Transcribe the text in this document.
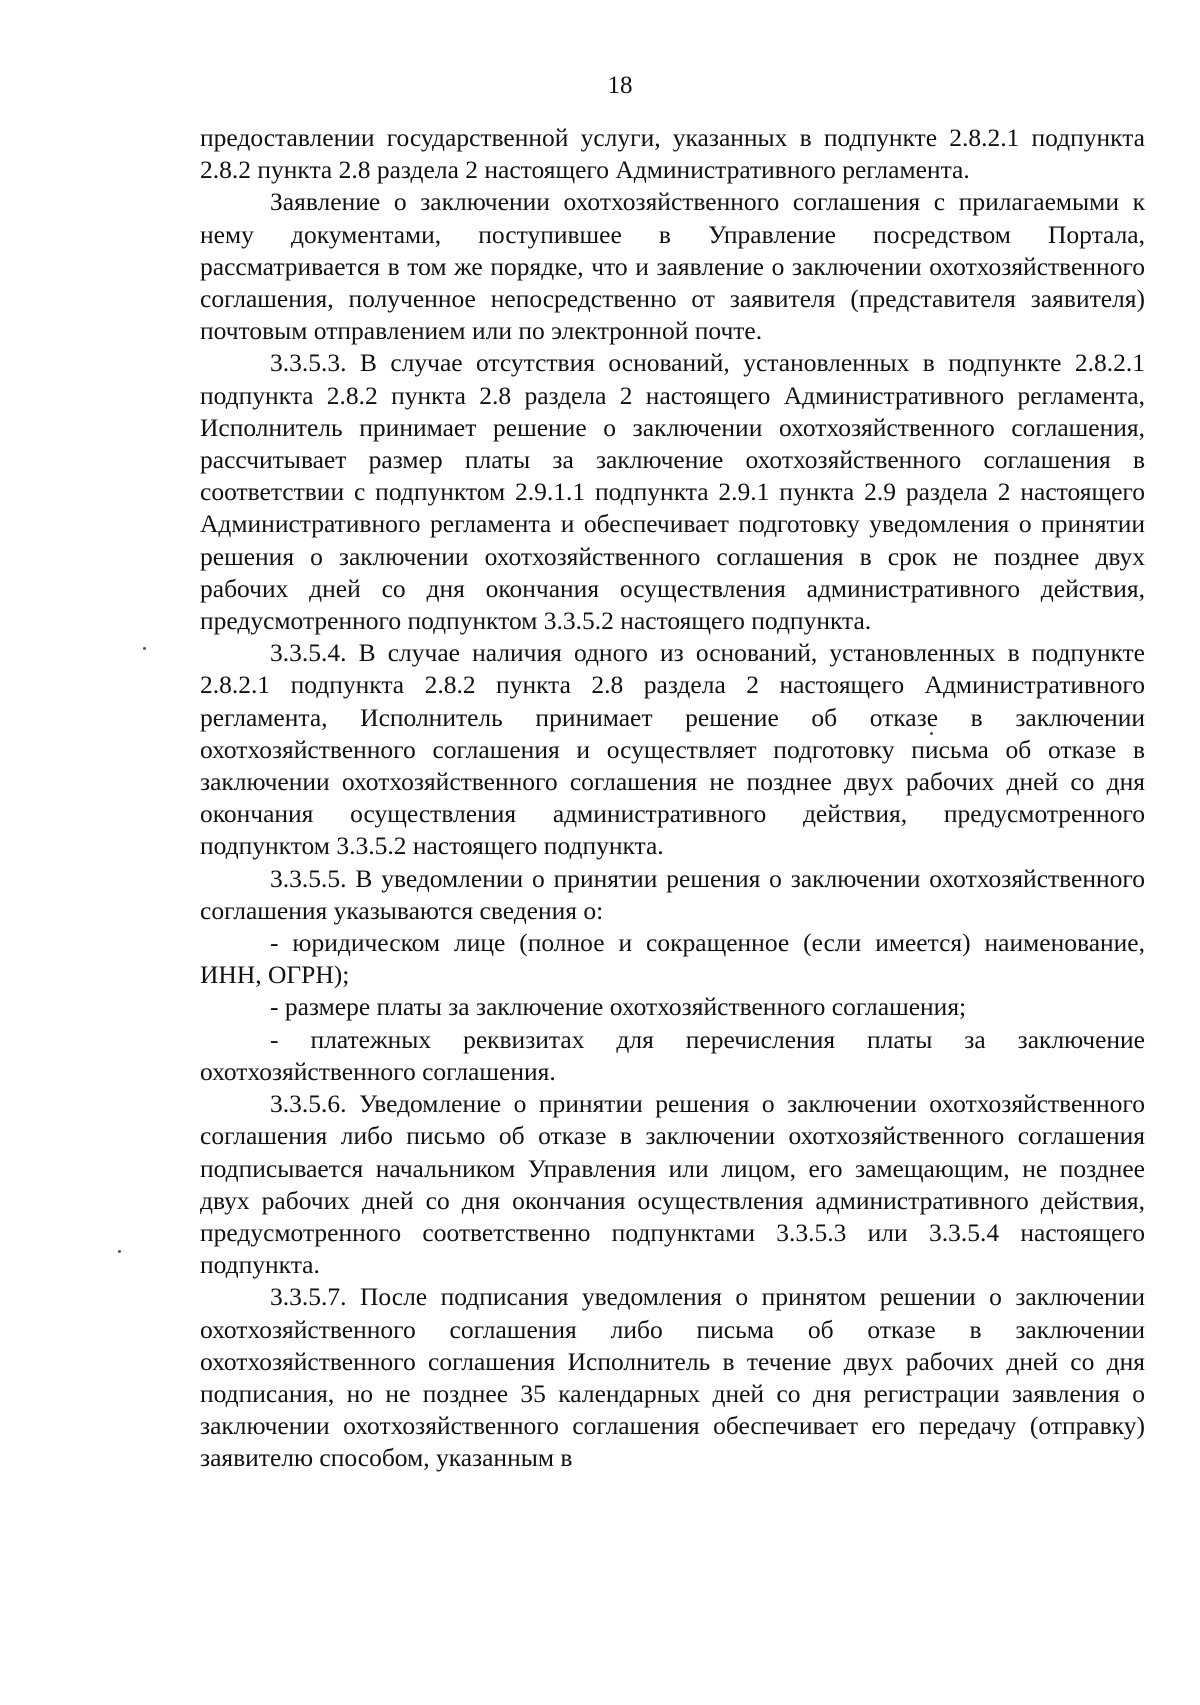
18

предоставлении государственной услуги, указанных в подпункте 2.8.2.1 подпункта 2.8.2 пункта 2.8 раздела 2 настоящего Административного регламента.

Заявление о заключении охотхозяйственного соглашения с прилагаемыми к нему документами, поступившее в Управление посредством Портала, рассматривается в том же порядке, что и заявление о заключении охотхозяйственного соглашения, полученное непосредственно от заявителя (представителя заявителя) почтовым отправлением или по электронной почте.

3.3.5.3. В случае отсутствия оснований, установленных в подпункте 2.8.2.1 подпункта 2.8.2 пункта 2.8 раздела 2 настоящего Административного регламента, Исполнитель принимает решение о заключении охотхозяйственного соглашения, рассчитывает размер платы за заключение охотхозяйственного соглашения в соответствии с подпунктом 2.9.1.1 подпункта 2.9.1 пункта 2.9 раздела 2 настоящего Административного регламента и обеспечивает подготовку уведомления о принятии решения о заключении охотхозяйственного соглашения в срок не позднее двух рабочих дней со дня окончания осуществления административного действия, предусмотренного подпунктом 3.3.5.2 настоящего подпункта.

3.3.5.4. В случае наличия одного из оснований, установленных в подпункте 2.8.2.1 подпункта 2.8.2 пункта 2.8 раздела 2 настоящего Административного регламента, Исполнитель принимает решение об отказе в заключении охотхозяйственного соглашения и осуществляет подготовку письма об отказе в заключении охотхозяйственного соглашения не позднее двух рабочих дней со дня окончания осуществления административного действия, предусмотренного подпунктом 3.3.5.2 настоящего подпункта.

3.3.5.5. В уведомлении о принятии решения о заключении охотхозяйственного соглашения указываются сведения о:

- юридическом лице (полное и сокращенное (если имеется) наименование, ИНН, ОГРН);

- размере платы за заключение охотхозяйственного соглашения;

- платежных реквизитах для перечисления платы за заключение охотхозяйственного соглашения.

3.3.5.6. Уведомление о принятии решения о заключении охотхозяйственного соглашения либо письмо об отказе в заключении охотхозяйственного соглашения подписывается начальником Управления или лицом, его замещающим, не позднее двух рабочих дней со дня окончания осуществления административного действия, предусмотренного соответственно подпунктами 3.3.5.3 или 3.3.5.4 настоящего подпункта.

3.3.5.7. После подписания уведомления о принятом решении о заключении охотхозяйственного соглашения либо письма об отказе в заключении охотхозяйственного соглашения Исполнитель в течение двух рабочих дней со дня подписания, но не позднее 35 календарных дней со дня регистрации заявления о заключении охотхозяйственного соглашения обеспечивает его передачу (отправку) заявителю способом, указанным в
